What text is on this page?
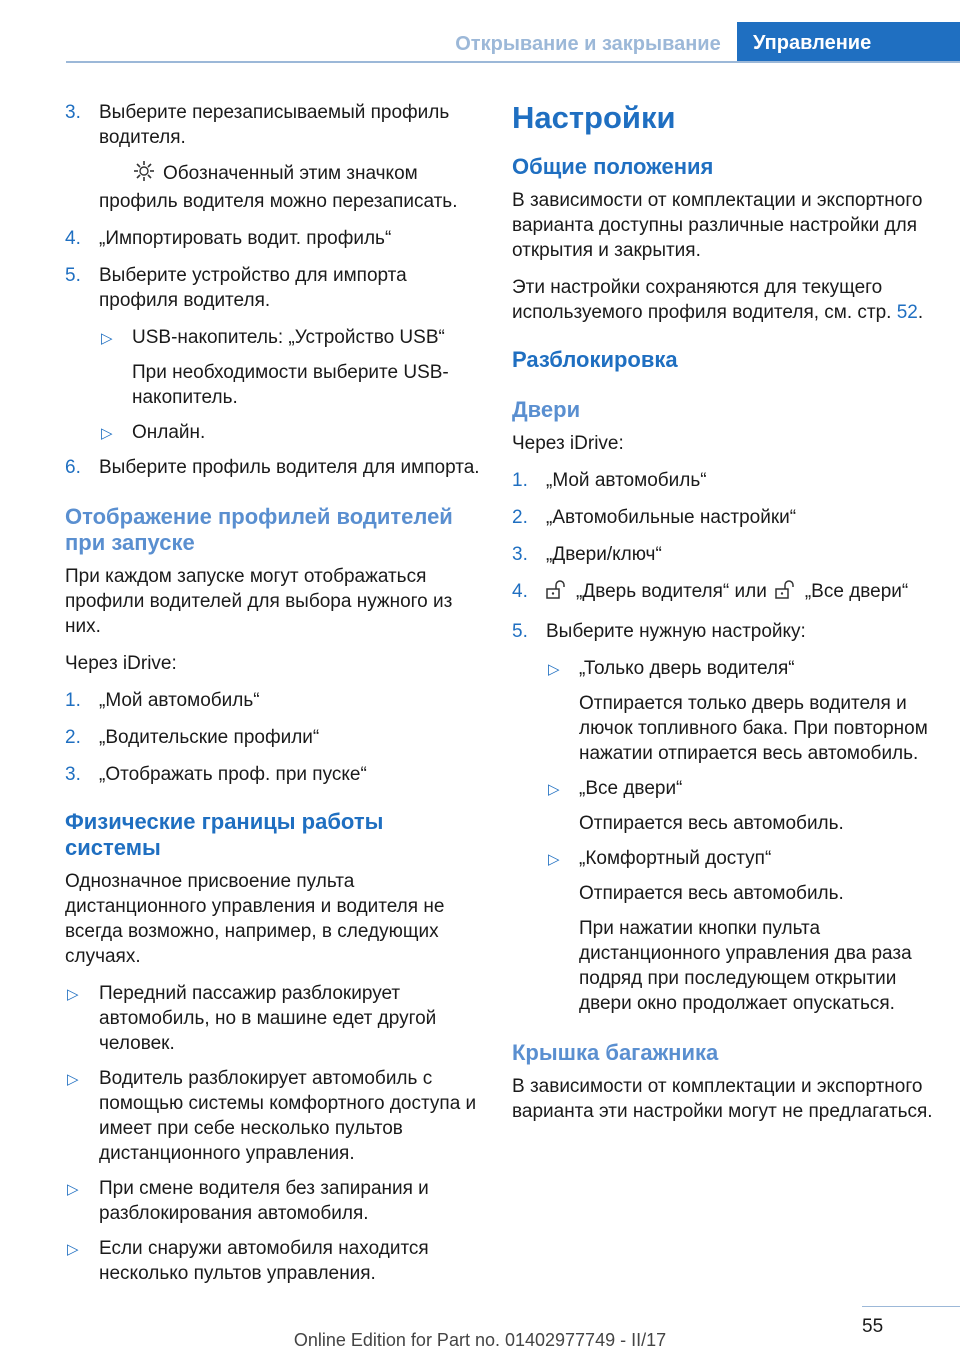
Открывание и закрывание	Управление
3. Выберите перезаписываемый профиль водителя.
Обозначенный этим значком профиль водителя можно перезаписать.
4. „Импортировать водит. профиль“
5. Выберите устройство для импорта профиля водителя.
▷ USB-накопитель: „Устройство USB“
При необходимости выберите USB-накопитель.
▷ Онлайн.
6. Выберите профиль водителя для импорта.
Отображение профилей водителей при запуске

При каждом запуске могут отображаться профили водителей для выбора нужного из них.

Через iDrive:

1. „Мой автомобиль“
2. „Водительские профили“
3. „Отображать проф. при пуске“
Физические границы работы системы

Однозначное присвоение пульта дистанционного управления и водителя не всегда возможно, например, в следующих случаях.

▷ Передний пассажир разблокирует автомобиль, но в машине едет другой человек.
▷ Водитель разблокирует автомобиль с помощью системы комфортного доступа и имеет при себе несколько пультов дистанционного управления.
▷ При смене водителя без запирания и разблокирования автомобиля.
▷ Если снаружи автомобиля находится несколько пультов управления.
Настройки
Общие положения

В зависимости от комплектации и экспортного варианта доступны различные настройки для открытия и закрытия.

Эти настройки сохраняются для текущего используемого профиля водителя, см. стр. 52.

Разблокировка
Двери

Через iDrive:

1. „Мой автомобиль“
2. „Автомобильные настройки“
3. „Двери/ключ“
4.	„Дверь водителя“ или „Все двери“
5. Выберите нужную настройку:
▷ „Только дверь водителя“
Отпирается только дверь водителя и лючок топливного бака. При повторном нажатии отпирается весь автомобиль.
▷ „Все двери“
Отпирается весь автомобиль.
▷ „Комфортный доступ“
Отпирается весь автомобиль.
При нажатии кнопки пульта дистанционного управления два раза подряд при последующем открытии двери окно продолжает опускаться.
Крышка багажника

В зависимости от комплектации и экспортного варианта эти настройки могут не предлагаться.

55
Online Edition for Part no. 01402977749 - II/17
